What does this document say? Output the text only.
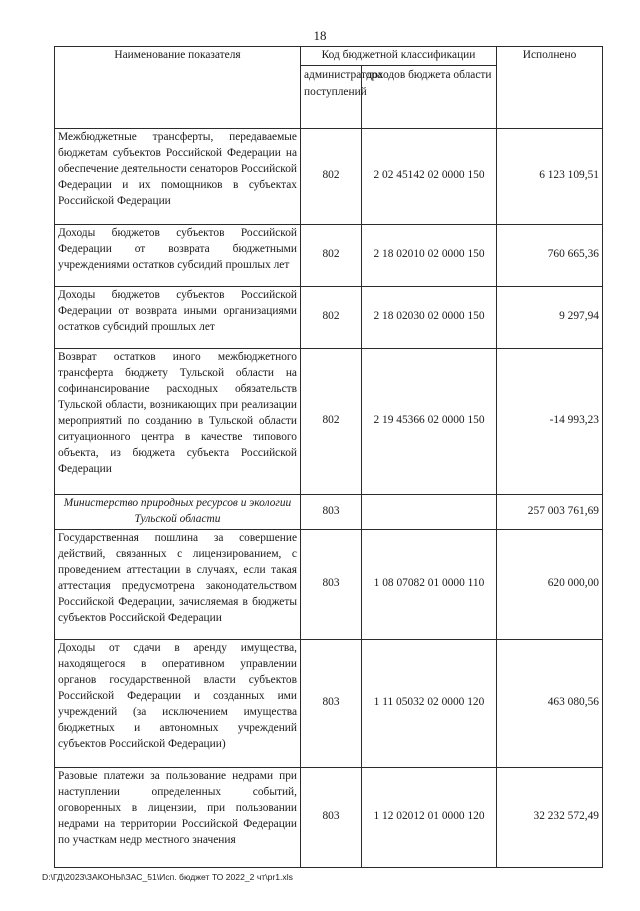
18
Наименование показателя	Код бюджетной классификации		Исполнено
	администратора поступлений	доходов бюджета области	
Межбюджетные трансферты, передаваемые бюджетам субъектов Российской Федерации на обеспечение деятельности сенаторов Российской Федерации и их помощников в субъектах Российской Федерации	802	2 02 45142 02 0000 150	6 123 109,51
Доходы бюджетов субъектов Российской Федерации от возврата бюджетными учреждениями остатков субсидий прошлых лет	802	2 18 02010 02 0000 150	760 665,36
Доходы бюджетов субъектов Российской Федерации от возврата иными организациями остатков субсидий прошлых лет	802	2 18 02030 02 0000 150	9 297,94
Возврат остатков иного межбюджетного трансферта бюджету Тульской области на софинансирование расходных обязательств Тульской области, возникающих при реализации мероприятий по созданию в Тульской области ситуационного центра в качестве типового объекта, из бюджета субъекта Российской Федерации	802	2 19 45366 02 0000 150	-14 993,23
Министерство природных ресурсов и экологии Тульской области	803		257 003 761,69
Государственная пошлина за совершение действий, связанных с лицензированием, с проведением аттестации в случаях, если такая аттестация предусмотрена законодательством Российской Федерации, зачисляемая в бюджеты субъектов Российской Федерации	803	1 08 07082 01 0000 110	620 000,00
Доходы от сдачи в аренду имущества, находящегося в оперативном управлении органов государственной власти субъектов Российской Федерации и созданных ими учреждений (за исключением имущества бюджетных и автономных учреждений субъектов Российской Федерации)	803	1 11 05032 02 0000 120	463 080,56
Разовые платежи за пользование недрами при наступлении определенных событий, оговоренных в лицензии, при пользовании недрами на территории Российской Федерации по участкам недр местного значения	803	1 12 02012 01 0000 120	32 232 572,49
D:\ГД\2023\ЗАКОНЫ\ЗАС_51\Исп. бюджет ТО 2022_2 чт\pr1.xls
